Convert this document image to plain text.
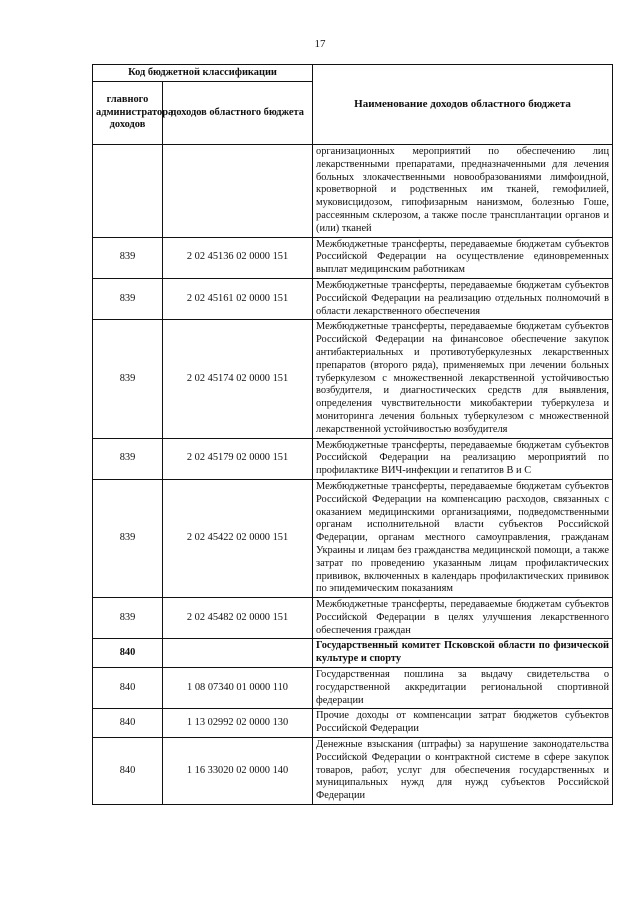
17
Код бюджетной классификации		Наименование доходов областного бюджета
главного администратора доходов	доходов областного бюджета	
		организационных мероприятий по обеспечению лиц лекарственными препаратами, предназначенными для лечения больных злокачественными новообразованиями лимфоидной, кроветворной и родственных им тканей, гемофилией, муковисцидозом, гипофизарным нанизмом, болезнью Гоше, рассеянным склерозом, а также после трансплантации органов и (или) тканей
839	2 02 45136 02 0000 151	Межбюджетные трансферты, передаваемые бюджетам субъектов Российской Федерации на осуществление единовременных выплат медицинским работникам
839	2 02 45161 02 0000 151	Межбюджетные трансферты, передаваемые бюджетам субъектов Российской Федерации на реализацию отдельных полномочий в области лекарственного обеспечения
839	2 02 45174 02 0000 151	Межбюджетные трансферты, передаваемые бюджетам субъектов Российской Федерации на финансовое обеспечение закупок антибактериальных и противотуберкулезных лекарственных препаратов (второго ряда), применяемых при лечении больных туберкулезом с множественной лекарственной устойчивостью возбудителя, и диагностических средств для выявления, определения чувствительности микобактерии туберкулеза и мониторинга лечения больных туберкулезом с множественной лекарственной устойчивостью возбудителя
839	2 02 45179 02 0000 151	Межбюджетные трансферты, передаваемые бюджетам субъектов Российской Федерации на реализацию мероприятий по профилактике ВИЧ-инфекции и гепатитов B и C
839	2 02 45422 02 0000 151	Межбюджетные трансферты, передаваемые бюджетам субъектов Российской Федерации на компенсацию расходов, связанных с оказанием медицинскими организациями, подведомственными органам исполнительной власти субъектов Российской Федерации, органам местного самоуправления, гражданам Украины и лицам без гражданства медицинской помощи, а также затрат по проведению указанным лицам профилактических прививок, включенных в календарь профилактических прививок по эпидемическим показаниям
839	2 02 45482 02 0000 151	Межбюджетные трансферты, передаваемые бюджетам субъектов Российской Федерации в целях улучшения лекарственного обеспечения граждан
840		Государственный комитет Псковской области по физической культуре и спорту
840	1 08 07340 01 0000 110	Государственная пошлина за выдачу свидетельства о государственной аккредитации региональной спортивной федерации
840	1 13 02992 02 0000 130	Прочие доходы от компенсации затрат бюджетов субъектов Российской Федерации
840	1 16 33020 02 0000 140	Денежные взыскания (штрафы) за нарушение законодательства Российской Федерации о контрактной системе в сфере закупок товаров, работ, услуг для обеспечения государственных и муниципальных нужд для нужд субъектов Российской Федерации
